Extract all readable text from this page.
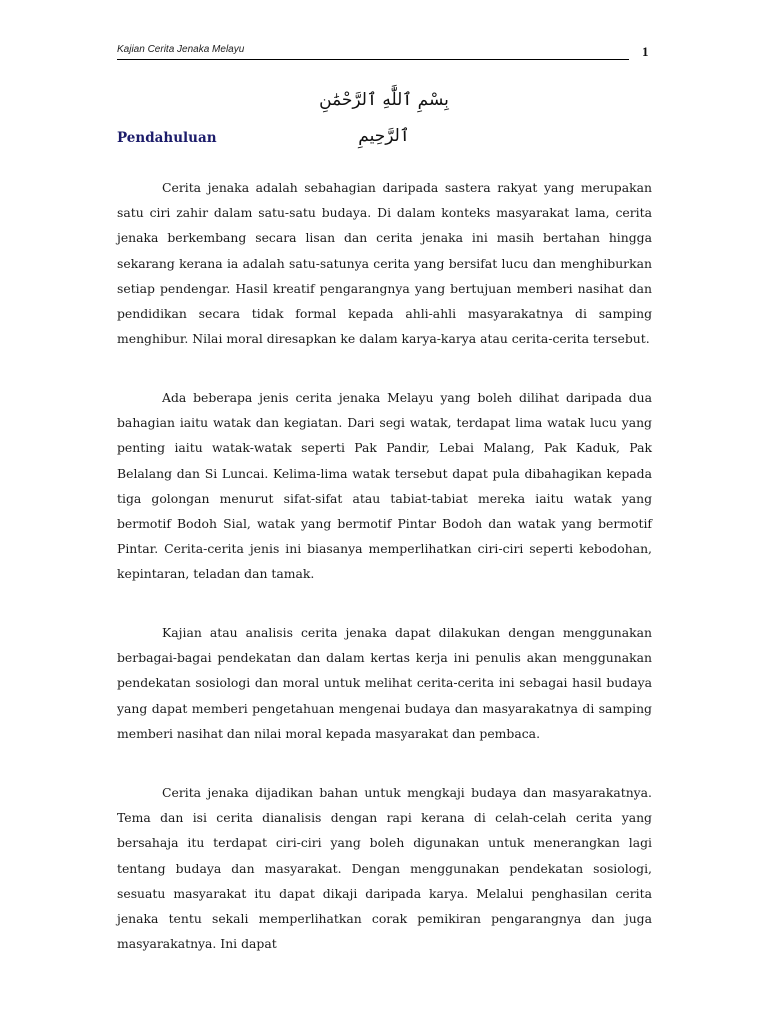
Kajian Cerita Jenaka Melayu	1
بِسْمِ ٱللَّٰهِ ٱلرَّحْمَٰنِ ٱلرَّحِيمِ
Pendahuluan

Cerita jenaka adalah sebahagian daripada sastera rakyat yang merupakan satu ciri zahir dalam satu-satu budaya. Di dalam konteks masyarakat lama, cerita jenaka berkembang secara lisan dan cerita jenaka ini masih bertahan hingga sekarang kerana ia adalah satu-satunya cerita yang bersifat lucu dan menghiburkan setiap pendengar. Hasil kreatif pengarangnya yang bertujuan memberi nasihat dan pendidikan secara tidak formal kepada ahli-ahli masyarakatnya di samping menghibur. Nilai moral diresapkan ke dalam karya-karya atau cerita-cerita tersebut.

Ada beberapa jenis cerita jenaka Melayu yang boleh dilihat daripada dua bahagian iaitu watak dan kegiatan. Dari segi watak, terdapat lima watak lucu yang penting iaitu watak-watak seperti Pak Pandir, Lebai Malang, Pak Kaduk, Pak Belalang dan Si Luncai. Kelima-lima watak tersebut dapat pula dibahagikan kepada tiga golongan menurut sifat-sifat atau tabiat-tabiat mereka iaitu watak yang bermotif Bodoh Sial, watak yang bermotif Pintar Bodoh dan watak yang bermotif Pintar. Cerita-cerita jenis ini biasanya memperlihatkan ciri-ciri seperti kebodohan, kepintaran, teladan dan tamak.

Kajian atau analisis cerita jenaka dapat dilakukan dengan menggunakan berbagai-bagai pendekatan dan dalam kertas kerja ini penulis akan menggunakan pendekatan sosiologi dan moral untuk melihat cerita-cerita ini sebagai hasil budaya yang dapat memberi pengetahuan mengenai budaya dan masyarakatnya di samping memberi nasihat dan nilai moral kepada masyarakat dan pembaca.

Cerita jenaka dijadikan bahan untuk mengkaji budaya dan masyarakatnya. Tema dan isi cerita dianalisis dengan rapi kerana di celah-celah cerita yang bersahaja itu terdapat ciri-ciri yang boleh digunakan untuk menerangkan lagi tentang budaya dan masyarakat. Dengan menggunakan pendekatan sosiologi, sesuatu masyarakat itu dapat dikaji daripada karya. Melalui penghasilan cerita jenaka tentu sekali memperlihatkan corak pemikiran pengarangnya dan juga masyarakatnya. Ini dapat
